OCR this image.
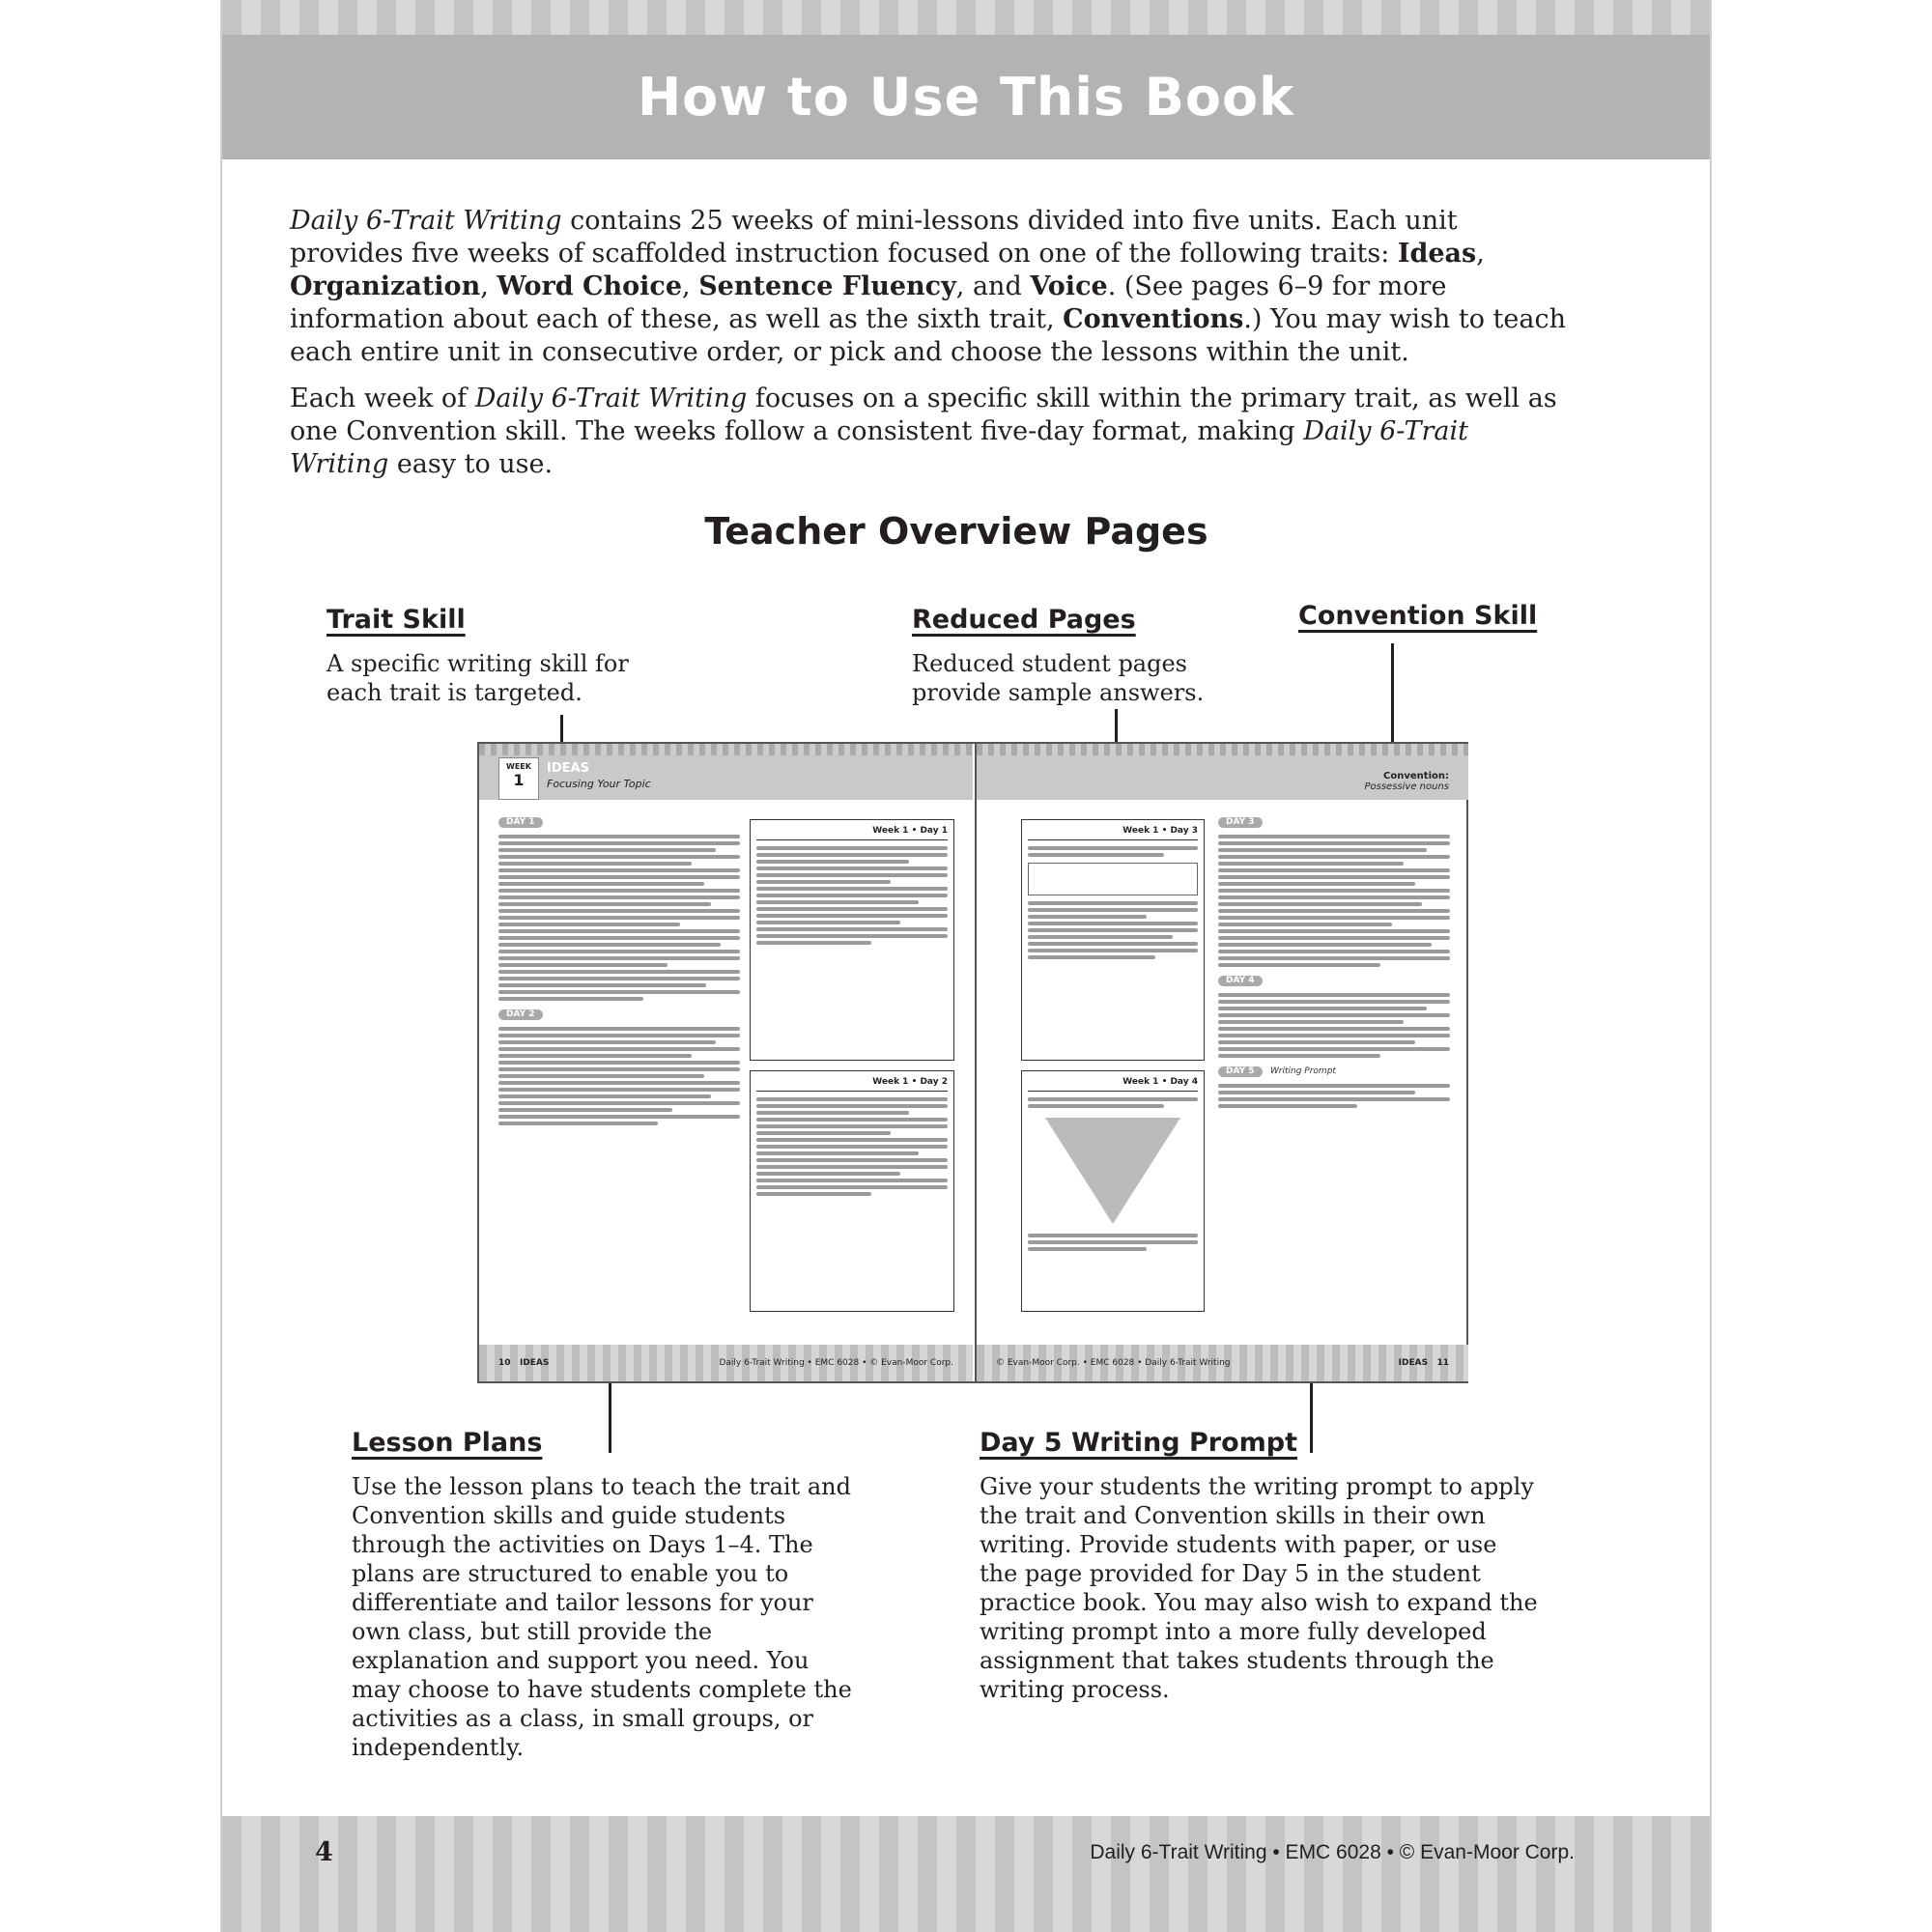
How to Use This Book

Daily 6-Trait Writing contains 25 weeks of mini-lessons divided into five units. Each unit provides five weeks of scaffolded instruction focused on one of the following traits: Ideas, Organization, Word Choice, Sentence Fluency, and Voice. (See pages 6–9 for more information about each of these, as well as the sixth trait, Conventions.) You may wish to teach each entire unit in consecutive order, or pick and choose the lessons within the unit.

Each week of Daily 6-Trait Writing focuses on a specific skill within the primary trait, as well as one Convention skill. The weeks follow a consistent five-day format, making Daily 6-Trait Writing easy to use.

Teacher Overview Pages
Trait Skill
A specific writing skill for each trait is targeted.
Reduced Pages
Reduced student pages provide sample answers.
Convention Skill
Lesson Plans
Use the lesson plans to teach the trait and Convention skills and guide students through the activities on Days 1–4. The plans are structured to enable you to differentiate and tailor lessons for your own class, but still provide the explanation and support you need. You may choose to have students complete the activities as a class, in small groups, or independently.
Day 5 Writing Prompt
Give your students the writing prompt to apply the trait and Convention skills in their own writing. Provide students with paper, or use the page provided for Day 5 in the student practice book. You may also wish to expand the writing prompt into a more fully developed assignment that takes students through the writing process.
WEEK
1
IDEAS
Focusing Your Topic
DAY 1
DAY 2
Week 1 • Day 1
Week 1 • Day 2
10 IDEAS	Daily 6-Trait Writing • EMC 6028 • © Evan-Moor Corp.
Convention:
Possessive nouns
Week 1 • Day 3
Week 1 • Day 4
DAY 3
DAY 4
DAY 5 Writing Prompt
© Evan-Moor Corp. • EMC 6028 • Daily 6-Trait Writing	IDEAS 11
4	Daily 6-Trait Writing • EMC 6028 • © Evan-Moor Corp.
